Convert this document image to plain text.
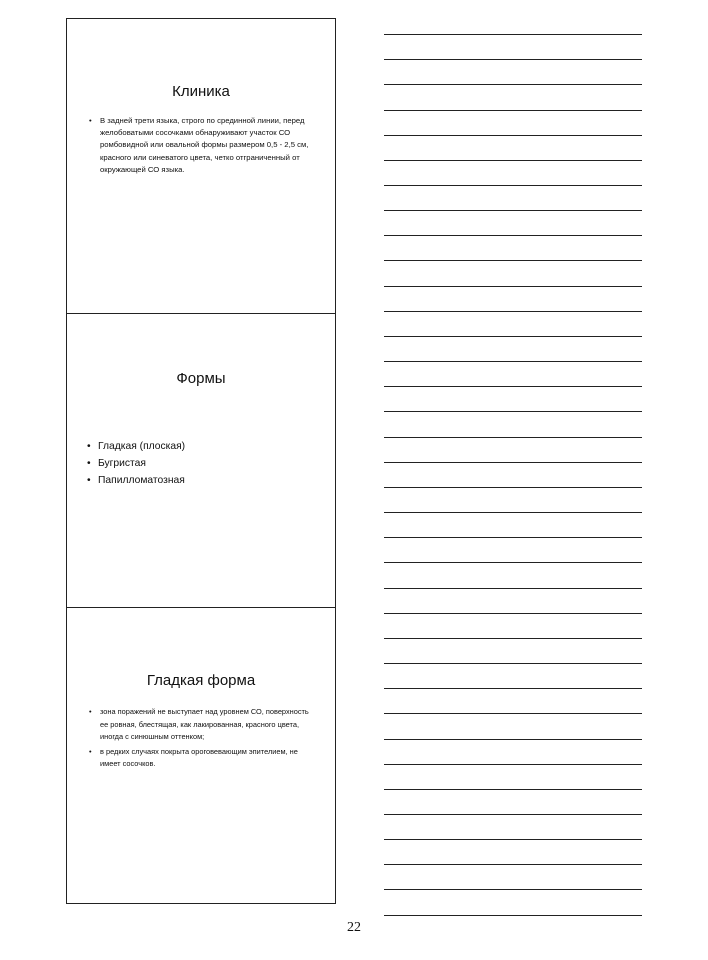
Клиника
• В задней трети языка, строго по срединной линии, перед желобоватыми сосочками обнаруживают участок СО ромбовидной или овальной формы размером 0,5 - 2,5 см, красного или синеватого цвета, четко отграниченный от окружающей СО языка.
Формы
• Гладкая (плоская)
• Бугристая
• Папилломатозная
Гладкая форма
• зона поражений не выступает над уровнем СО, поверхность ее ровная, блестящая, как лакированная, красного цвета, иногда с синюшным оттенком;
• в редких случаях покрыта ороговевающим эпителием, не имеет сосочков.
22
